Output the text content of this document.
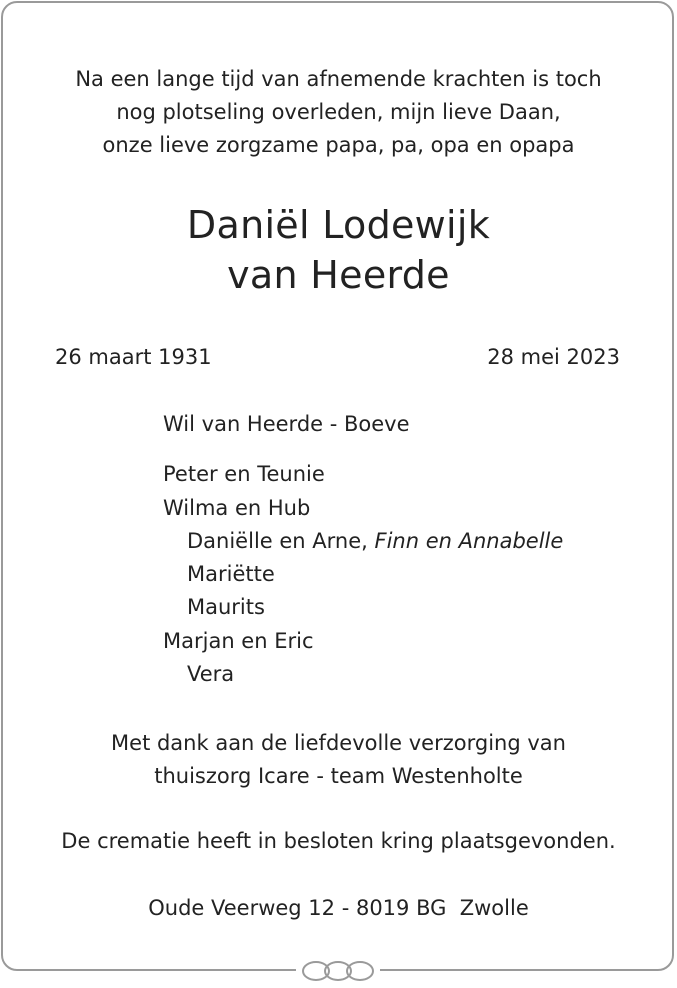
Na een lange tijd van afnemende krachten is toch
nog plotseling overleden, mijn lieve Daan,
onze lieve zorgzame papa, pa, opa en opapa
Daniël Lodewijk
van Heerde
26 maart 1931	28 mei 2023
Wil van Heerde - Boeve
Peter en Teunie
Wilma en Hub
Daniëlle en Arne, Finn en Annabelle
Mariëtte
Maurits
Marjan en Eric
Vera
Met dank aan de liefdevolle verzorging van
thuiszorg Icare - team Westenholte
De crematie heeft in besloten kring plaatsgevonden.
Oude Veerweg 12 - 8019 BG  Zwolle
